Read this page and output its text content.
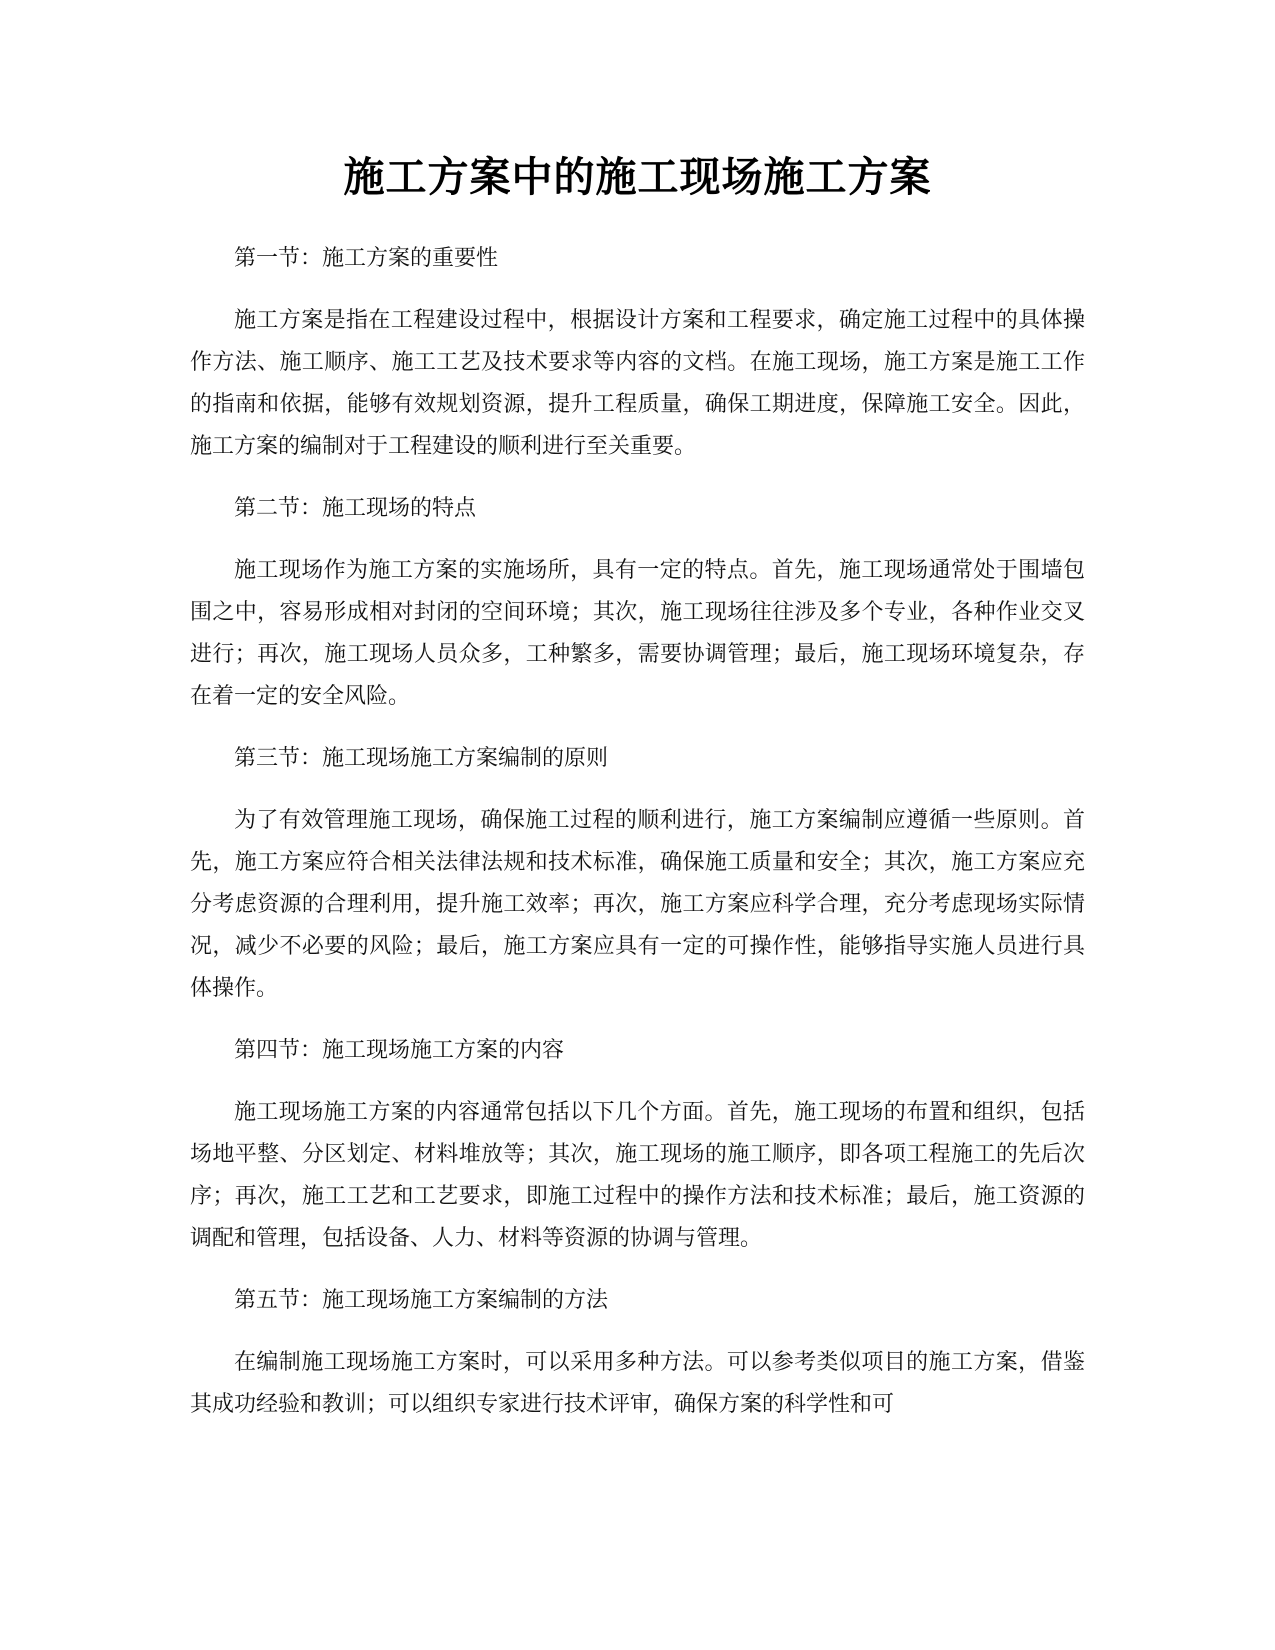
施工方案中的施工现场施工方案

第一节：施工方案的重要性

施工方案是指在工程建设过程中，根据设计方案和工程要求，确定施工过程中的具体操作方法、施工顺序、施工工艺及技术要求等内容的文档。在施工现场，施工方案是施工工作的指南和依据，能够有效规划资源，提升工程质量，确保工期进度，保障施工安全。因此，施工方案的编制对于工程建设的顺利进行至关重要。

第二节：施工现场的特点

施工现场作为施工方案的实施场所，具有一定的特点。首先，施工现场通常处于围墙包围之中，容易形成相对封闭的空间环境；其次，施工现场往往涉及多个专业，各种作业交叉进行；再次，施工现场人员众多，工种繁多，需要协调管理；最后，施工现场环境复杂，存在着一定的安全风险。

第三节：施工现场施工方案编制的原则

为了有效管理施工现场，确保施工过程的顺利进行，施工方案编制应遵循一些原则。首先，施工方案应符合相关法律法规和技术标准，确保施工质量和安全；其次，施工方案应充分考虑资源的合理利用，提升施工效率；再次，施工方案应科学合理，充分考虑现场实际情况，减少不必要的风险；最后，施工方案应具有一定的可操作性，能够指导实施人员进行具体操作。

第四节：施工现场施工方案的内容

施工现场施工方案的内容通常包括以下几个方面。首先，施工现场的布置和组织，包括场地平整、分区划定、材料堆放等；其次，施工现场的施工顺序，即各项工程施工的先后次序；再次，施工工艺和工艺要求，即施工过程中的操作方法和技术标准；最后，施工资源的调配和管理，包括设备、人力、材料等资源的协调与管理。

第五节：施工现场施工方案编制的方法

在编制施工现场施工方案时，可以采用多种方法。可以参考类似项目的施工方案，借鉴其成功经验和教训；可以组织专家进行技术评审，确保方案的科学性和可
